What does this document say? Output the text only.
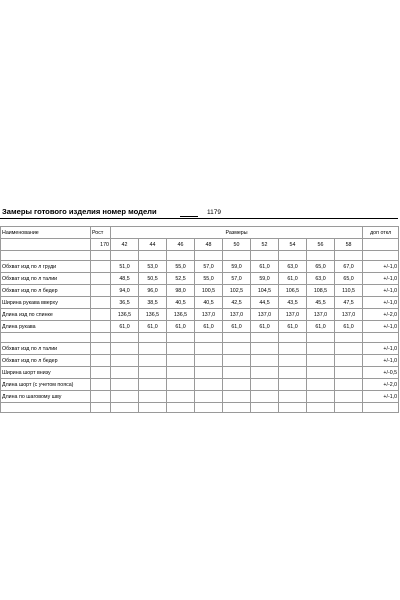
Замеры готового изделия номер модели	1179
Наименование	Рост	Размеры									доп откл
	170	42	44	46	48	50	52	54	56	58	

Обхват изд по л груди		51,0	53,0	55,0	57,0	59,0	61,0	63,0	65,0	67,0	+/-1,0
Обхват изд по л талии		48,5	50,5	52,5	55,0	57,0	59,0	61,0	63,0	65,0	+/-1,0
Обхват изд по л бедер		94,0	96,0	98,0	100,5	102,5	104,5	106,5	108,5	110,5	+/-1,0
Ширина рукава вверху		36,5	38,5	40,5	40,5	42,5	44,5	43,5	45,5	47,5	+/-1,0
Длина изд по спинке		136,5	136,5	136,5	137,0	137,0	137,0	137,0	137,0	137,0	+/-2,0
Длина рукава		61,0	61,0	61,0	61,0	61,0	61,0	61,0	61,0	61,0	+/-1,0

Обхват изд по л талии											+/-1,0
Обхват изд по л бедер											+/-1,0
Ширина шорт внизу											+/-0,5
Длина шорт (с учетом пояса)											+/-2,0
Длина по шаговому шву											+/-1,0
